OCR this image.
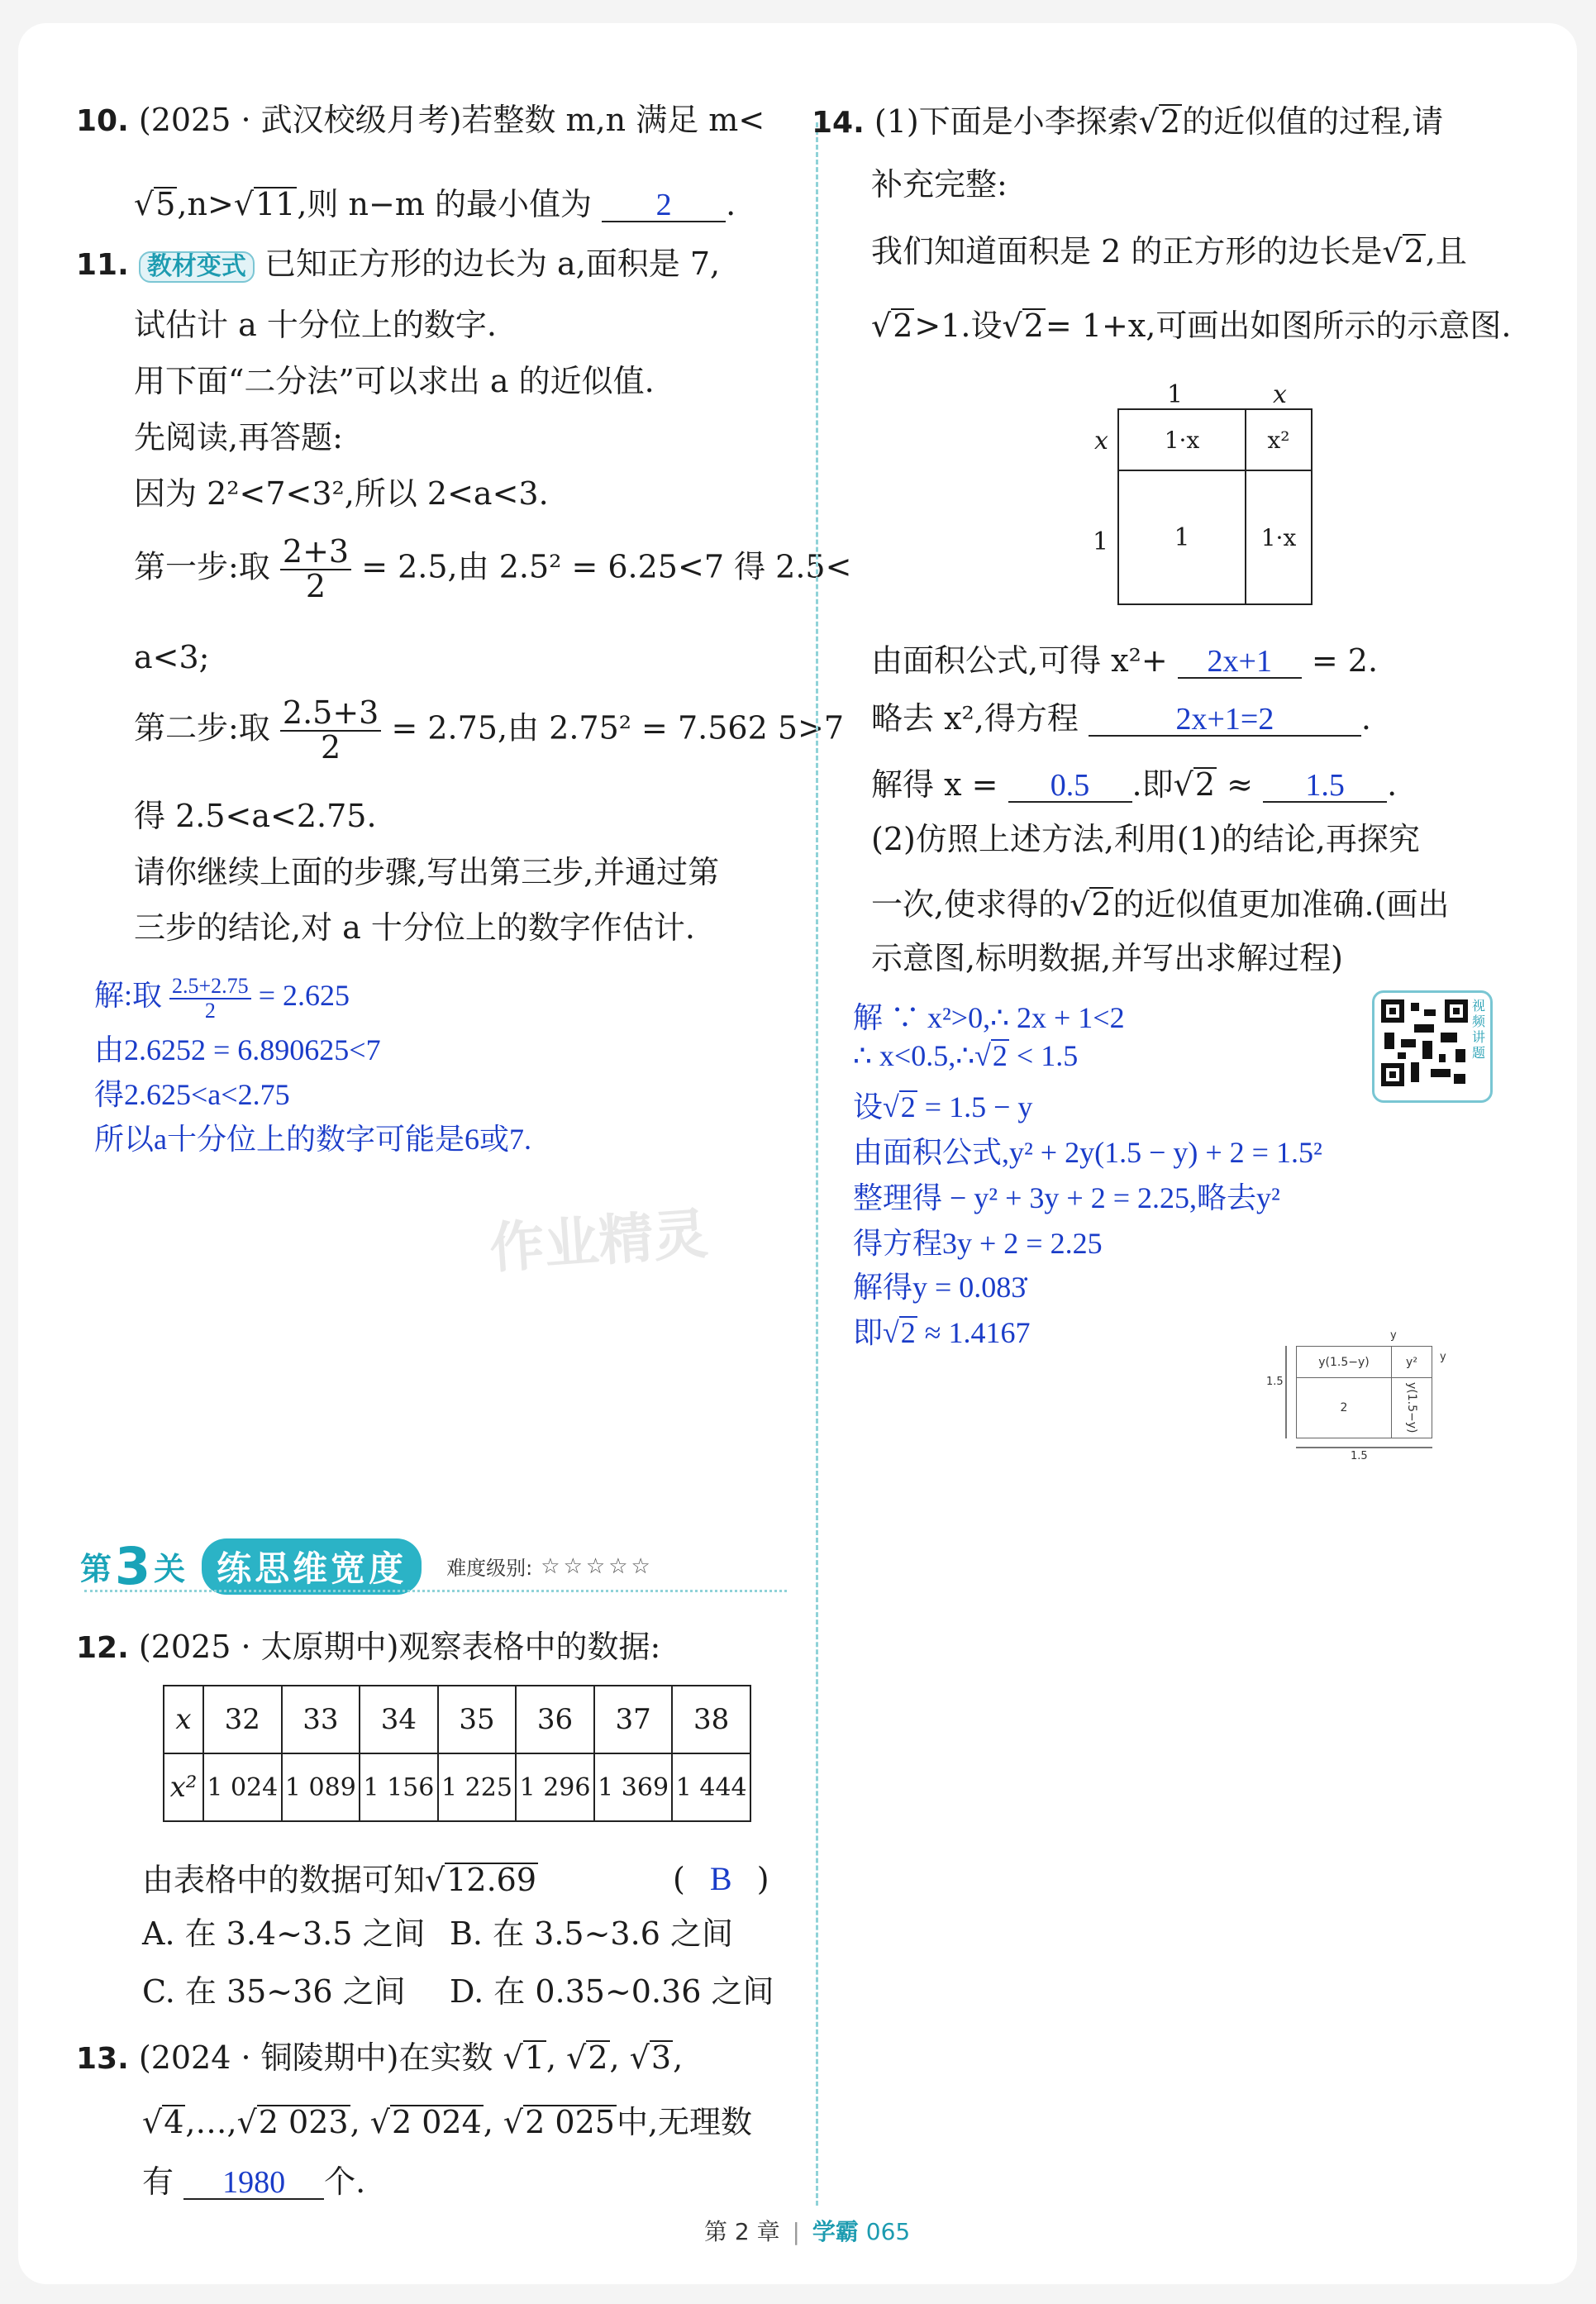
10. (2025 · 武汉校级月考)若整数 m,n 满足 m<
√5,n>√11,则 n−m 的最小值为 2 .
11. 教材变式 已知正方形的边长为 a,面积是 7,
试估计 a 十分位上的数字.
用下面“二分法”可以求出 a 的近似值.
先阅读,再答题:
因为 2²<7<3²,所以 2<a<3.
第一步:取 $\frac{2+3}{2} = 2.5$,由 2.5² = 6.25<7 得 2.5<
a<3;
第二步:取 $\frac{2.5+3}{2} = 2.75$,由 2.75² = 7.562 5>7
得 2.5<a<2.75.
请你继续上面的步骤,写出第三步,并通过第
三步的结论,对 a 十分位上的数字作估计.
解:取 $\frac{2.5+2.75}{2} = 2.625$
由2.6252 = 6.890625<7
得2.625<a<2.75
所以a十分位上的数字可能是6或7.
作业精灵
第 3 关 练思维宽度	难度级别: ☆☆☆☆☆
12. (2025 · 太原期中)观察表格中的数据:
x	32	33	34	35	36	37	38
x²	1 024	1 089	1 156	1 225	1 296	1 369	1 444
由表格中的数据可知√12.69	( B )
A. 在 3.4~3.5 之间 B. 在 3.5~3.6 之间
C. 在 35~36 之间 D. 在 0.35~0.36 之间
13. (2024 · 铜陵期中)在实数 √1, √2, √3,
√4,…,√2 023, √2 024, √2 025中,无理数
有 1980 个.
14. (1)下面是小李探索√2的近似值的过程,请
补充完整:
我们知道面积是 2 的正方形的边长是√2,且
√2>1.设√2= 1+x,可画出如图所示的示意图.
1	x
x
1
1·x	x²
1	1·x
由面积公式,可得 x²+ 2x+1 = 2.
略去 x²,得方程	2x+1=2	.
解得 x = 0.5 .即√2 ≈ 1.5 .
(2)仿照上述方法,利用(1)的结论,再探究
一次,使求得的√2的近似值更加准确.(画出
示意图,标明数据,并写出求解过程)
解 ∵ x²>0,∴ 2x + 1<2
∴ x<0.5,∴√2 < 1.5
设√2 = 1.5 − y
由面积公式,y² + 2y(1.5 − y) + 2 = 1.5²
整理得 − y² + 3y + 2 = 2.25,略去y²
得方程3y + 2 = 2.25
解得y = 0.083̇
即√2 ≈ 1.4167
视频讲题
y
y
1.5
y(1.5−y)	y²
2	y(1.5−y)
1.5
第 2 章 | 学霸 065
